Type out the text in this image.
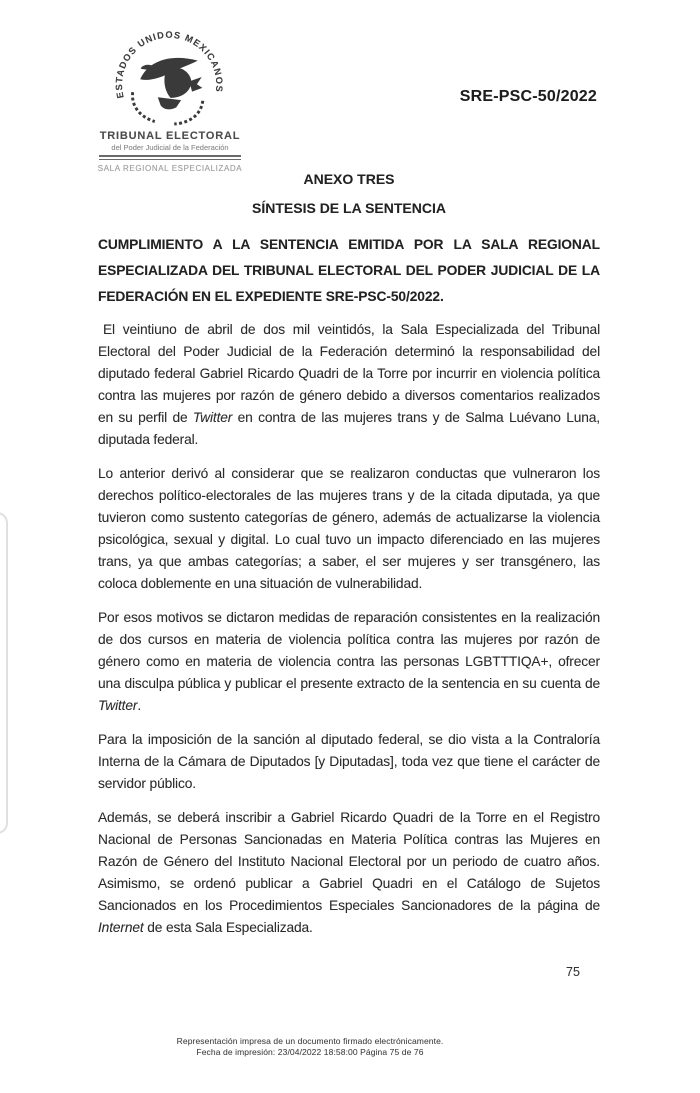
ESTADOS UNIDOS MEXICANOS
TRIBUNAL ELECTORAL
del Poder Judicial de la Federación
SALA REGIONAL ESPECIALIZADA
SRE-PSC-50/2022
ANEXO TRES
SÍNTESIS DE LA SENTENCIA

CUMPLIMIENTO A LA SENTENCIA EMITIDA POR LA SALA REGIONAL ESPECIALIZADA DEL TRIBUNAL ELECTORAL DEL PODER JUDICIAL DE LA FEDERACIÓN EN EL EXPEDIENTE SRE-PSC-50/2022.

El veintiuno de abril de dos mil veintidós, la Sala Especializada del Tribunal Electoral del Poder Judicial de la Federación determinó la responsabilidad del diputado federal Gabriel Ricardo Quadri de la Torre por incurrir en violencia política contra las mujeres por razón de género debido a diversos comentarios realizados en su perfil de Twitter en contra de las mujeres trans y de Salma Luévano Luna, diputada federal.

Lo anterior derivó al considerar que se realizaron conductas que vulneraron los derechos político-electorales de las mujeres trans y de la citada diputada, ya que tuvieron como sustento categorías de género, además de actualizarse la violencia psicológica, sexual y digital. Lo cual tuvo un impacto diferenciado en las mujeres trans, ya que ambas categorías; a saber, el ser mujeres y ser transgénero, las coloca doblemente en una situación de vulnerabilidad.

Por esos motivos se dictaron medidas de reparación consistentes en la realización de dos cursos en materia de violencia política contra las mujeres por razón de género como en materia de violencia contra las personas LGBTTTIQA+, ofrecer una disculpa pública y publicar el presente extracto de la sentencia en su cuenta de Twitter.

Para la imposición de la sanción al diputado federal, se dio vista a la Contraloría Interna de la Cámara de Diputados [y Diputadas], toda vez que tiene el carácter de servidor público.

Además, se deberá inscribir a Gabriel Ricardo Quadri de la Torre en el Registro Nacional de Personas Sancionadas en Materia Política contras las Mujeres en Razón de Género del Instituto Nacional Electoral por un periodo de cuatro años. Asimismo, se ordenó publicar a Gabriel Quadri en el Catálogo de Sujetos Sancionados en los Procedimientos Especiales Sancionadores de la página de Internet de esta Sala Especializada.

75
Representación impresa de un documento firmado electrónicamente.
Fecha de impresión: 23/04/2022 18:58:00 Página 75 de 76
